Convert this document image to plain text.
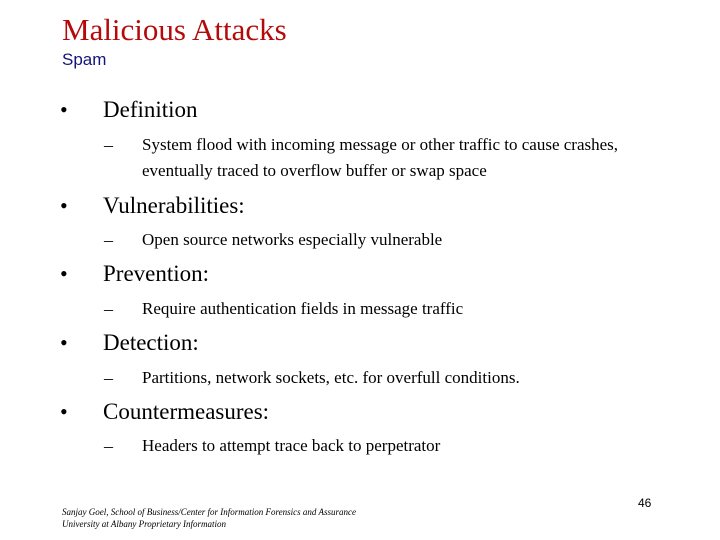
Malicious Attacks
Spam
• Definition
– System flood with incoming message or other traffic to cause crashes, eventually traced to overflow buffer or swap space
• Vulnerabilities:
– Open source networks especially vulnerable
• Prevention:
– Require authentication fields in message traffic
• Detection:
– Partitions, network sockets, etc. for overfull conditions.
• Countermeasures:
– Headers to attempt trace back to perpetrator
Sanjay Goel, School of Business/Center for Information Forensics and Assurance
University at Albany Proprietary Information
46
